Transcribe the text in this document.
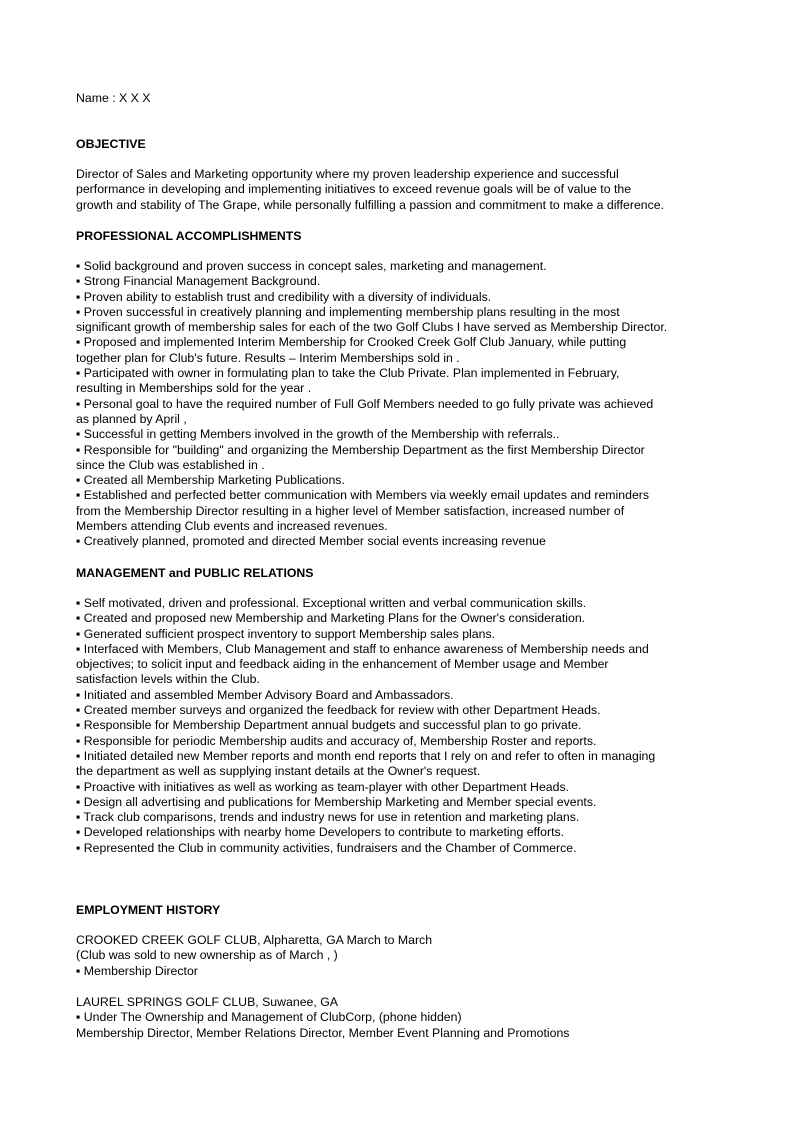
Name : X X X
OBJECTIVE
Director of Sales and Marketing opportunity where my proven leadership experience and successful
performance in developing and implementing initiatives to exceed revenue goals will be of value to the
growth and stability of The Grape, while personally fulfilling a passion and commitment to make a difference.
PROFESSIONAL ACCOMPLISHMENTS
▪ Solid background and proven success in concept sales, marketing and management.
▪ Strong Financial Management Background.
▪ Proven ability to establish trust and credibility with a diversity of individuals.
▪ Proven successful in creatively planning and implementing membership plans resulting in the most
significant growth of membership sales for each of the two Golf Clubs I have served as Membership Director.
▪ Proposed and implemented Interim Membership for Crooked Creek Golf Club January, while putting
together plan for Club's future. Results – Interim Memberships sold in .
▪ Participated with owner in formulating plan to take the Club Private. Plan implemented in February,
resulting in Memberships sold for the year .
▪ Personal goal to have the required number of Full Golf Members needed to go fully private was achieved
as planned by April ,
▪ Successful in getting Members involved in the growth of the Membership with referrals..
▪ Responsible for "building" and organizing the Membership Department as the first Membership Director
since the Club was established in .
▪ Created all Membership Marketing Publications.
▪ Established and perfected better communication with Members via weekly email updates and reminders
from the Membership Director resulting in a higher level of Member satisfaction, increased number of
Members attending Club events and increased revenues.
▪ Creatively planned, promoted and directed Member social events increasing revenue
MANAGEMENT and PUBLIC RELATIONS
▪ Self motivated, driven and professional. Exceptional written and verbal communication skills.
▪ Created and proposed new Membership and Marketing Plans for the Owner's consideration.
▪ Generated sufficient prospect inventory to support Membership sales plans.
▪ Interfaced with Members, Club Management and staff to enhance awareness of Membership needs and
objectives; to solicit input and feedback aiding in the enhancement of Member usage and Member
satisfaction levels within the Club.
▪ Initiated and assembled Member Advisory Board and Ambassadors.
▪ Created member surveys and organized the feedback for review with other Department Heads.
▪ Responsible for Membership Department annual budgets and successful plan to go private.
▪ Responsible for periodic Membership audits and accuracy of, Membership Roster and reports.
▪ Initiated detailed new Member reports and month end reports that I rely on and refer to often in managing
the department as well as supplying instant details at the Owner's request.
▪ Proactive with initiatives as well as working as team-player with other Department Heads.
▪ Design all advertising and publications for Membership Marketing and Member special events.
▪ Track club comparisons, trends and industry news for use in retention and marketing plans.
▪ Developed relationships with nearby home Developers to contribute to marketing efforts.
▪ Represented the Club in community activities, fundraisers and the Chamber of Commerce.
EMPLOYMENT HISTORY
CROOKED CREEK GOLF CLUB, Alpharetta, GA March to March
(Club was sold to new ownership as of March , )
▪ Membership Director
LAUREL SPRINGS GOLF CLUB, Suwanee, GA
▪ Under The Ownership and Management of ClubCorp, (phone hidden)
Membership Director, Member Relations Director, Member Event Planning and Promotions
